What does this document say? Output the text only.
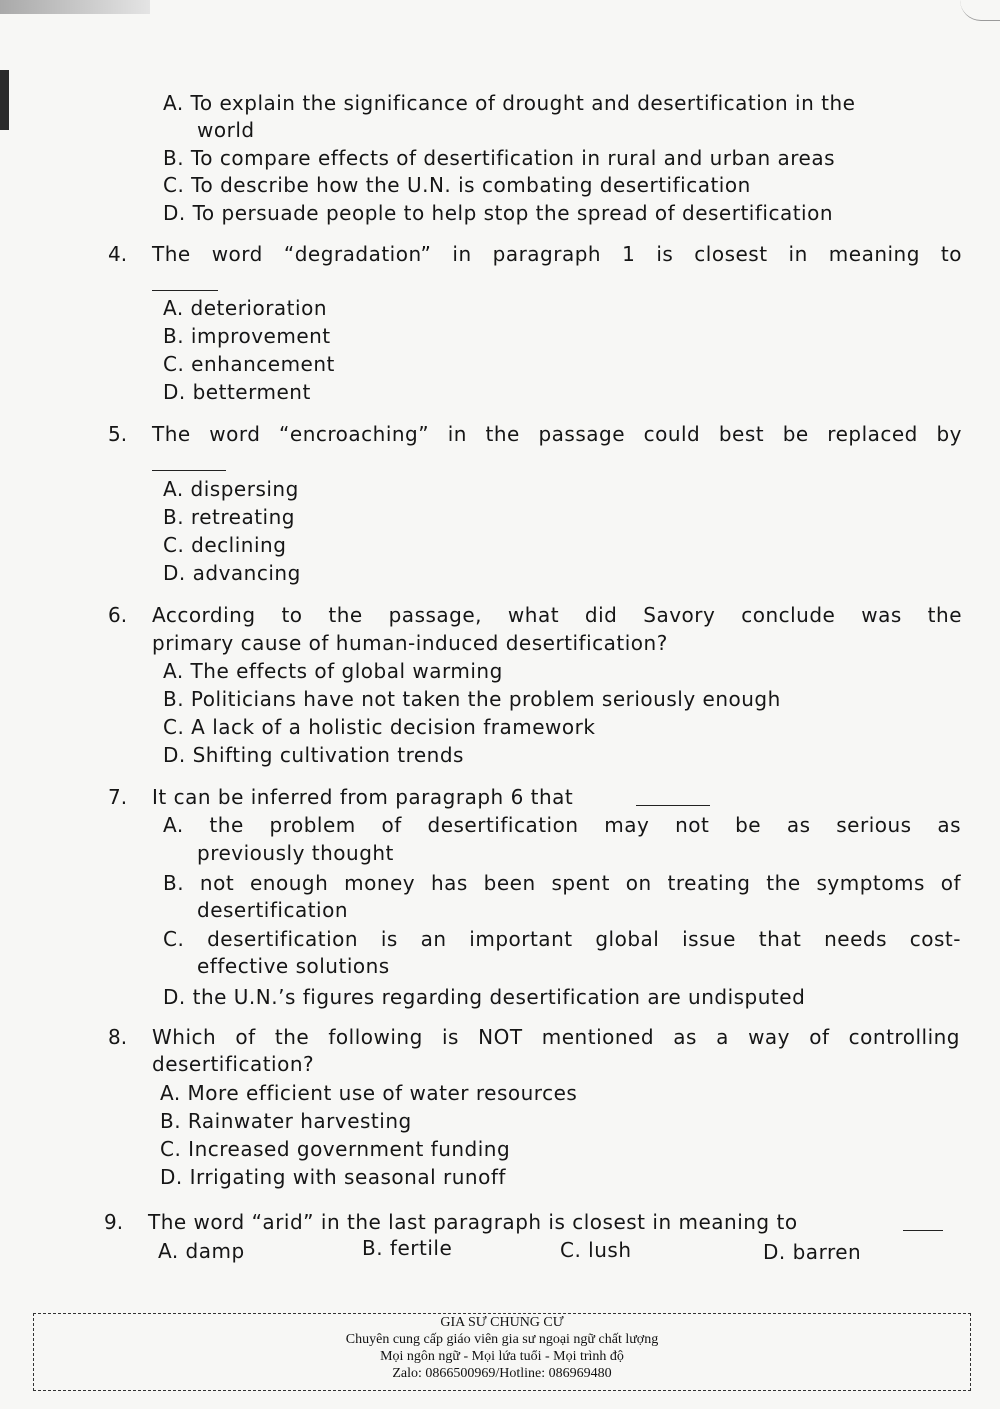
A. To explain the significance of drought and desertification in the
world
B. To compare effects of desertification in rural and urban areas
C. To describe how the U.N. is combating desertification
D. To persuade people to help stop the spread of desertification
4. The word “degradation” in paragraph 1 is closest in meaning to
A. deterioration
B. improvement
C. enhancement
D. betterment
5. The word “encroaching” in the passage could best be replaced by
A. dispersing
B. retreating
C. declining
D. advancing
6. According to the passage, what did Savory conclude was the
primary cause of human-induced desertification?
A. The effects of global warming
B. Politicians have not taken the problem seriously enough
C. A lack of a holistic decision framework
D. Shifting cultivation trends
7. It can be inferred from paragraph 6 that
A. the problem of desertification may not be as serious as
previously thought
B. not enough money has been spent on treating the symptoms of
desertification
C. desertification is an important global issue that needs cost-
effective solutions
D. the U.N.’s figures regarding desertification are undisputed
8. Which of the following is NOT mentioned as a way of controlling
desertification?
A. More efficient use of water resources
B. Rainwater harvesting
C. Increased government funding
D. Irrigating with seasonal runoff
9. The word “arid” in the last paragraph is closest in meaning to
A. damp	B. fertile	C. lush	D. barren
GIA SƯ CHUNG CƯ
Chuyên cung cấp giáo viên gia sư ngoại ngữ chất lượng
Mọi ngôn ngữ - Mọi lứa tuổi - Mọi trình độ
Zalo: 0866500969/Hotline: 086969480
